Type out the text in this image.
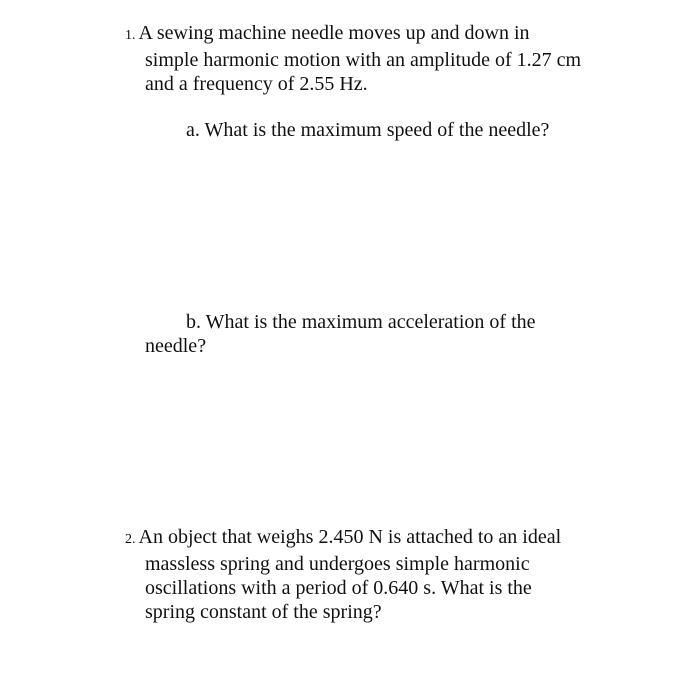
1. A sewing machine needle moves up and down in
simple harmonic motion with an amplitude of 1.27 cm
and a frequency of 2.55 Hz.
a. What is the maximum speed of the needle?
b. What is the maximum acceleration of the
needle?
2. An object that weighs 2.450 N is attached to an ideal
massless spring and undergoes simple harmonic
oscillations with a period of 0.640 s. What is the
spring constant of the spring?
